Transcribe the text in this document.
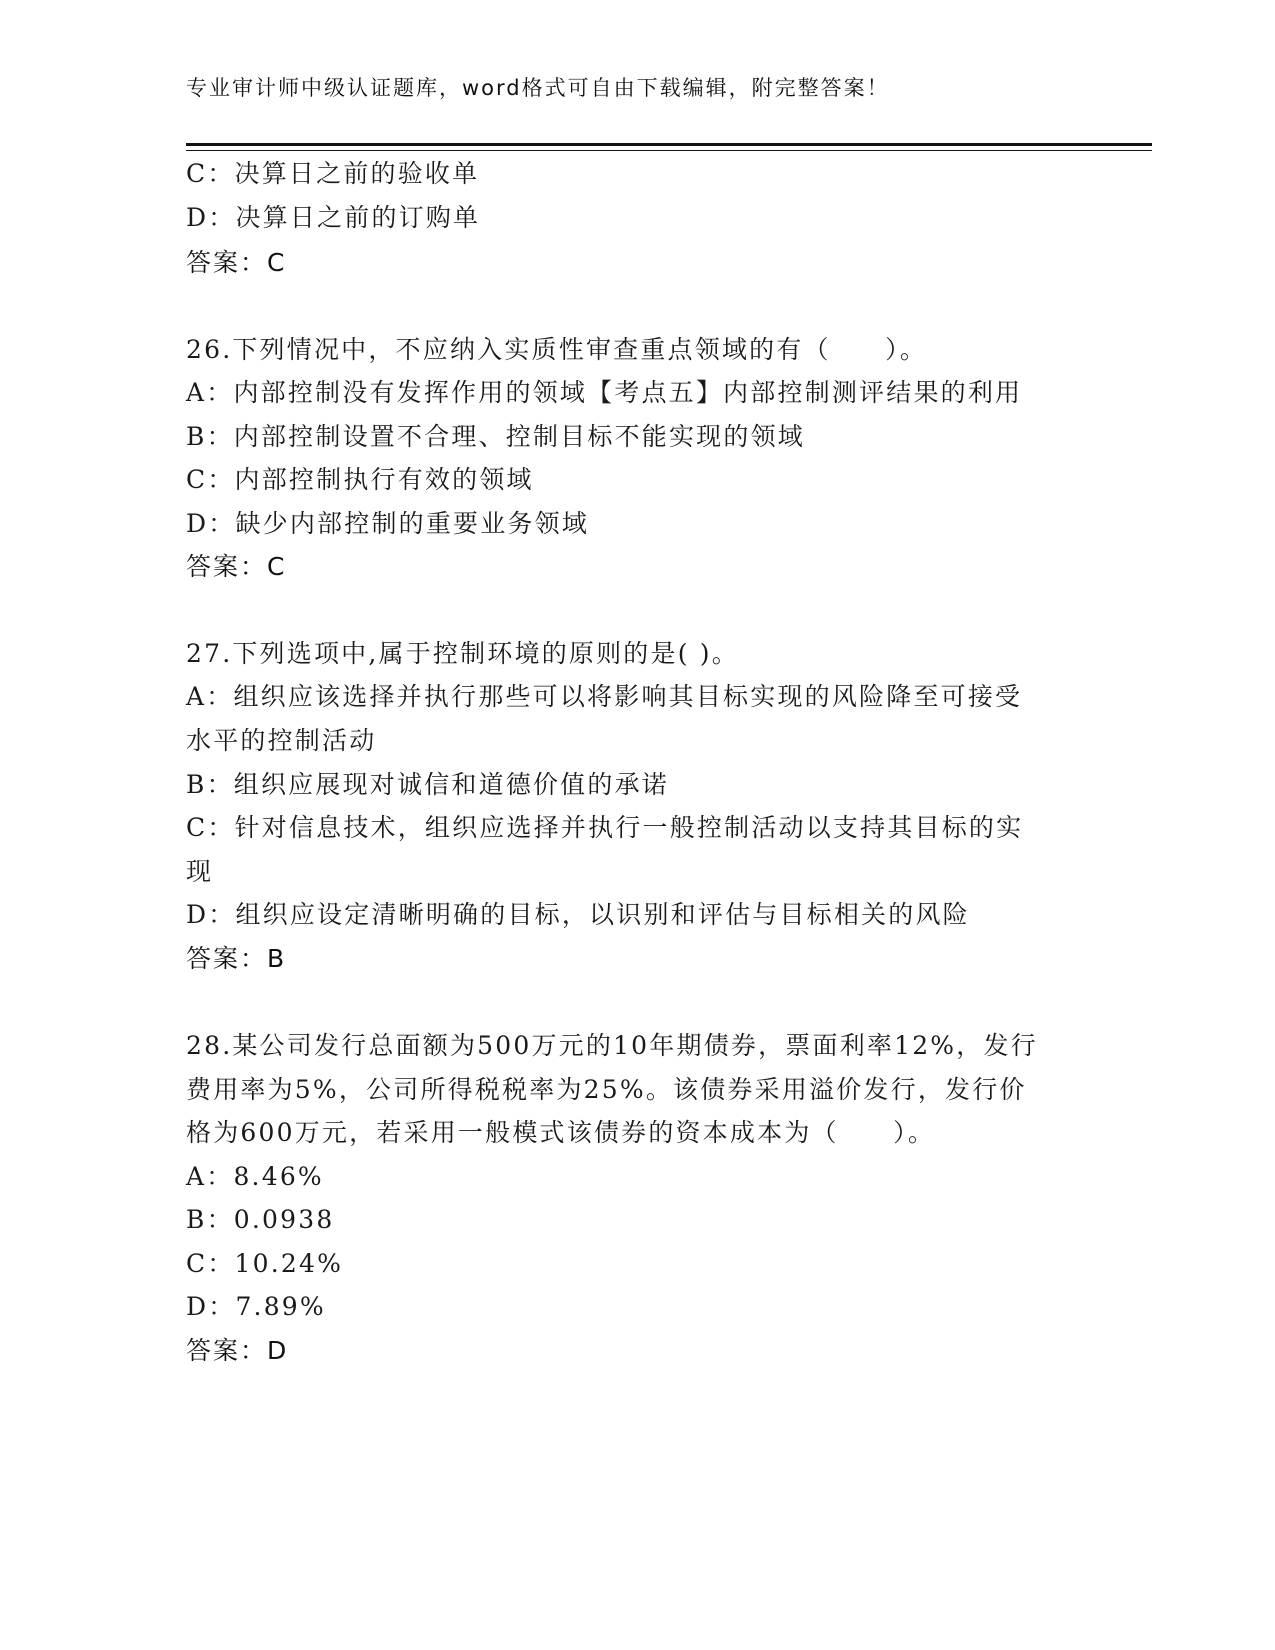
专业审计师中级认证题库，word格式可自由下载编辑，附完整答案！
C：决算日之前的验收单
D：决算日之前的订购单
答案：C
26.下列情况中，不应纳入实质性审查重点领域的有（　　）。
A：内部控制没有发挥作用的领域【考点五】内部控制测评结果的利用
B：内部控制设置不合理、控制目标不能实现的领域
C：内部控制执行有效的领域
D：缺少内部控制的重要业务领域
答案：C
27.下列选项中,属于控制环境的原则的是( )。
A：组织应该选择并执行那些可以将影响其目标实现的风险降至可接受
水平的控制活动
B：组织应展现对诚信和道德价值的承诺
C：针对信息技术，组织应选择并执行一般控制活动以支持其目标的实
现
D：组织应设定清晰明确的目标，以识别和评估与目标相关的风险
答案：B
28.某公司发行总面额为500万元的10年期债券，票面利率12%，发行
费用率为5%，公司所得税税率为25%。该债券采用溢价发行，发行价
格为600万元，若采用一般模式该债券的资本成本为（　　）。
A：8.46%
B：0.0938
C：10.24%
D：7.89%
答案：D
